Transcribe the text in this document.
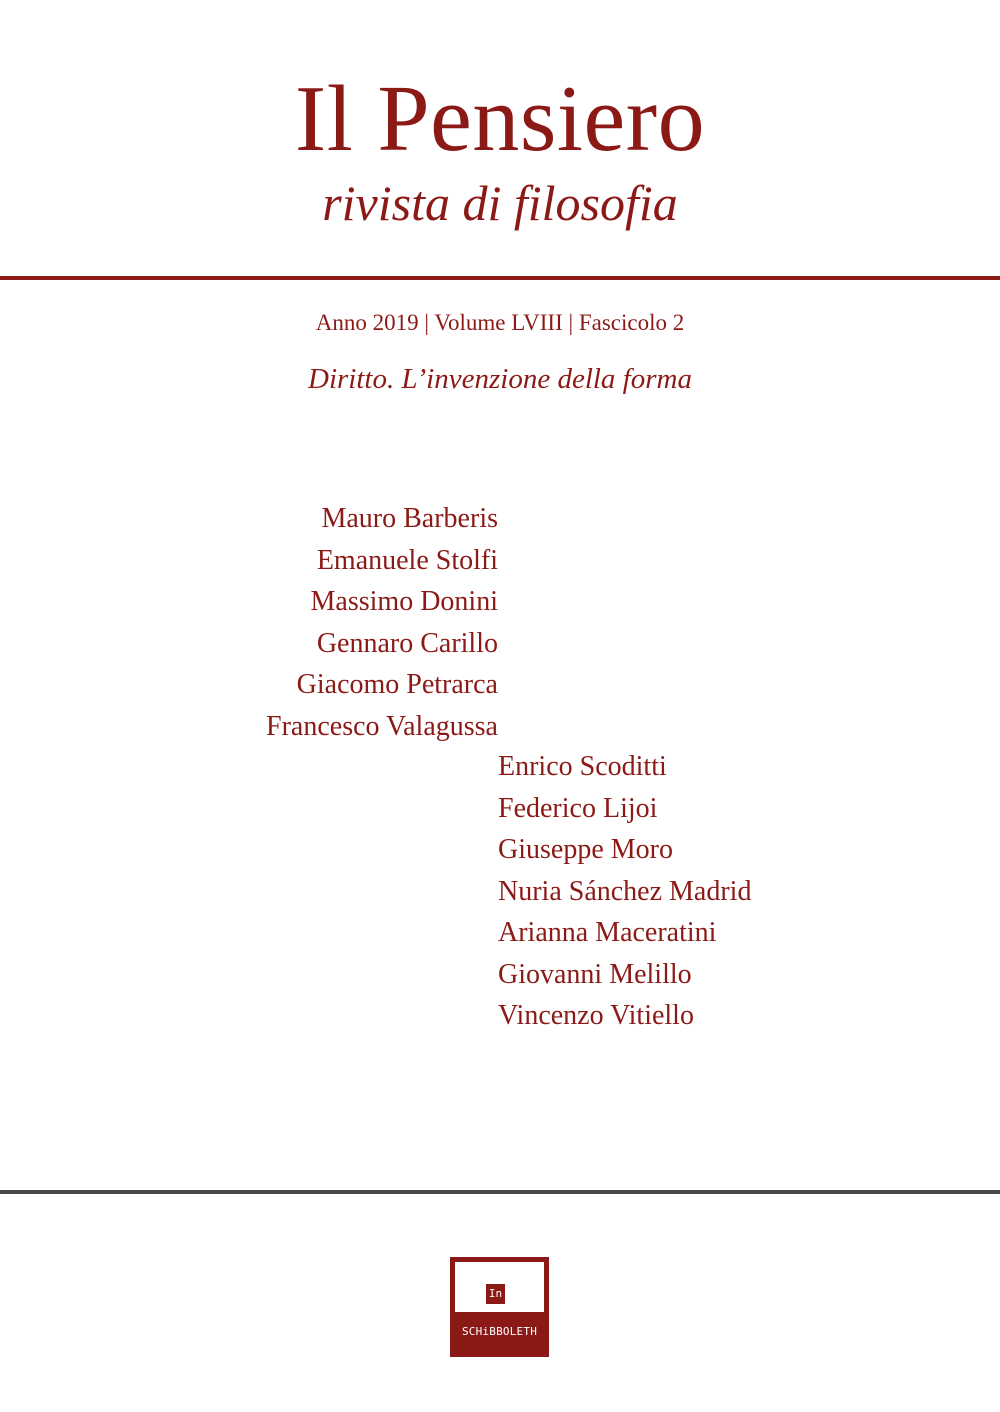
Il Pensiero
rivista di filosofia
Anno 2019 | Volume LVIII | Fascicolo 2
Diritto. L’invenzione della forma
Mauro Barberis
Emanuele Stolfi
Massimo Donini
Gennaro Carillo
Giacomo Petrarca
Francesco Valagussa
Enrico Scoditti
Federico Lijoi
Giuseppe Moro
Nuria Sánchez Madrid
Arianna Maceratini
Giovanni Melillo
Vincenzo Vitiello
In
SCHiBBOLETH
